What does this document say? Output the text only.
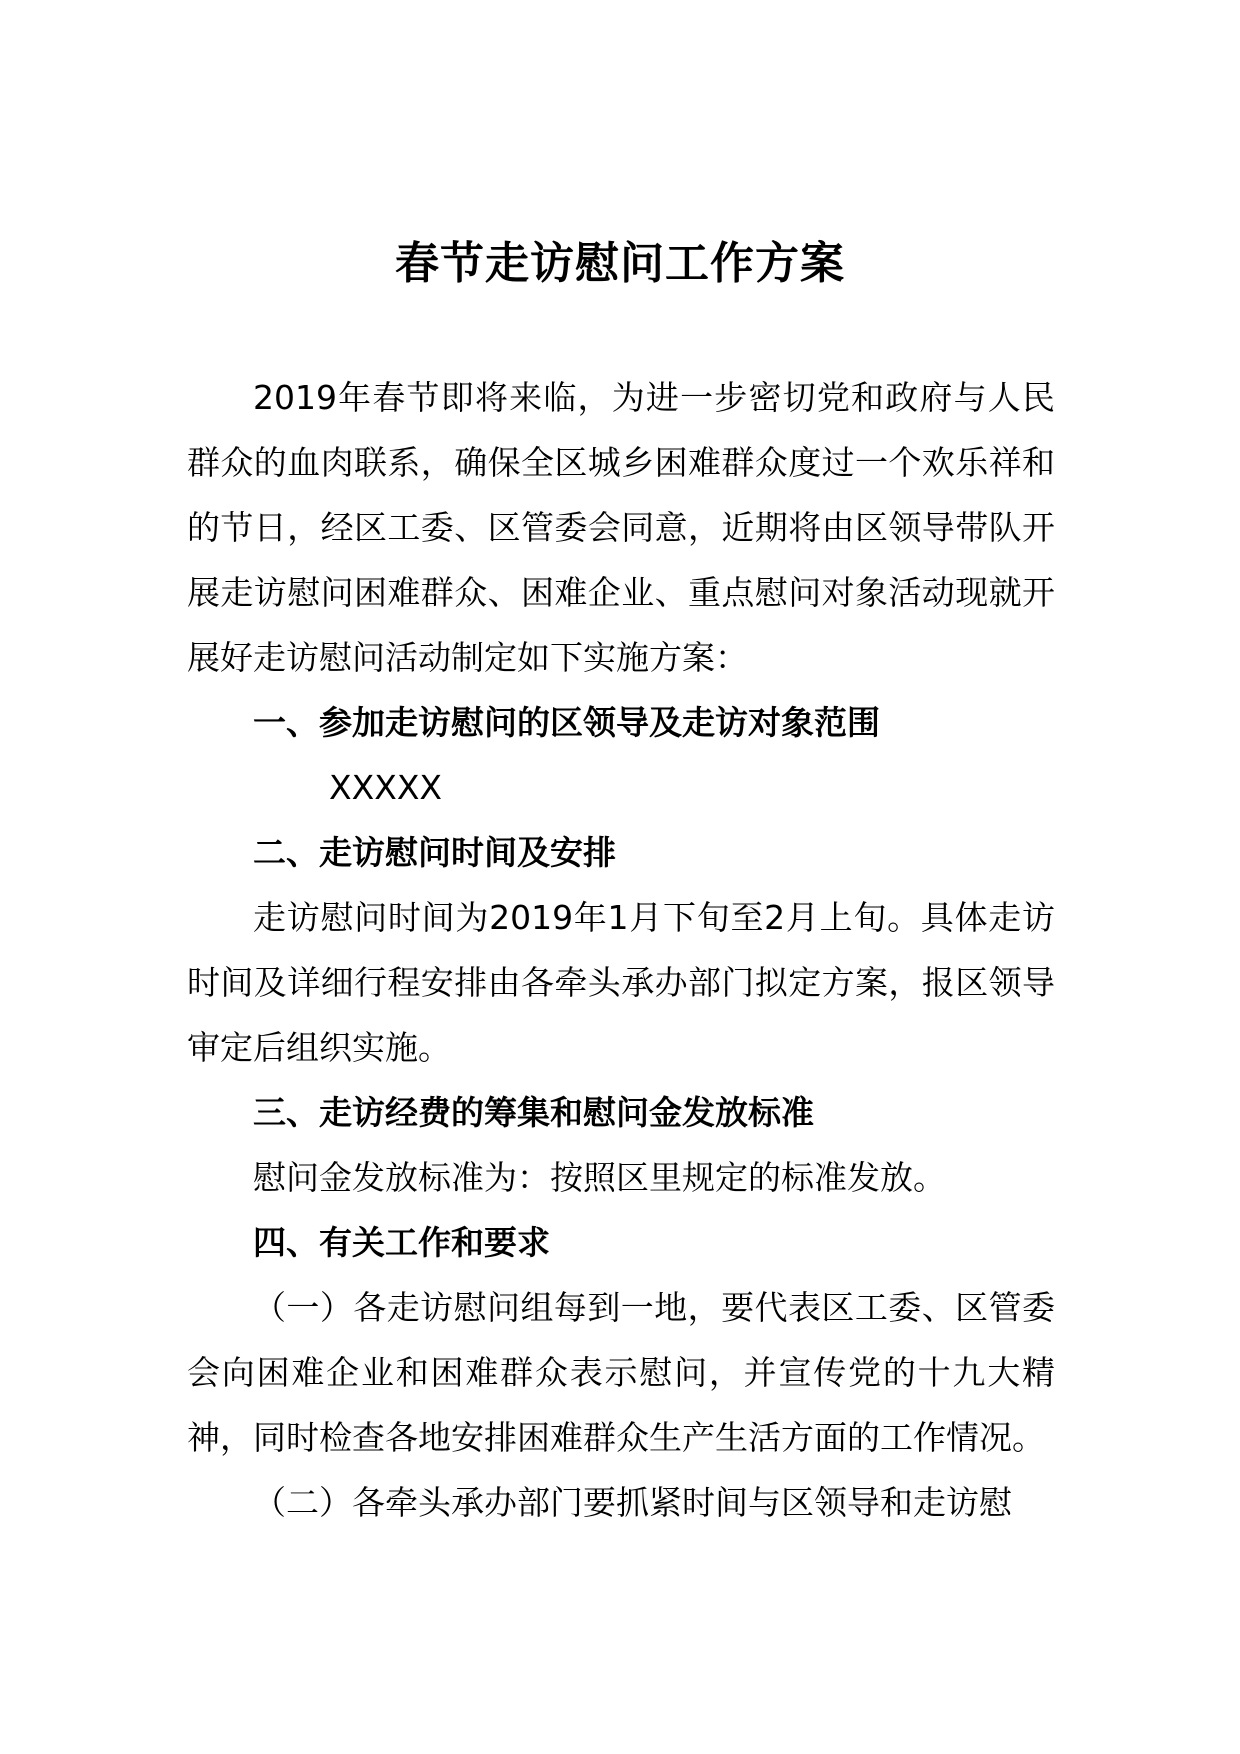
春节走访慰问工作方案

2019年春节即将来临，为进一步密切党和政府与人民群众的血肉联系，确保全区城乡困难群众度过一个欢乐祥和的节日，经区工委、区管委会同意，近期将由区领导带队开展走访慰问困难群众、困难企业、重点慰问对象活动现就开展好走访慰问活动制定如下实施方案：

一、参加走访慰问的区领导及走访对象范围

XXXXX

二、走访慰问时间及安排

走访慰问时间为2019年1月下旬至2月上旬。具体走访时间及详细行程安排由各牵头承办部门拟定方案，报区领导审定后组织实施。

三、走访经费的筹集和慰问金发放标准

慰问金发放标准为：按照区里规定的标准发放。

四、有关工作和要求

（一）各走访慰问组每到一地，要代表区工委、区管委会向困难企业和困难群众表示慰问，并宣传党的十九大精神，同时检查各地安排困难群众生产生活方面的工作情况。

（二）各牵头承办部门要抓紧时间与区领导和走访慰
